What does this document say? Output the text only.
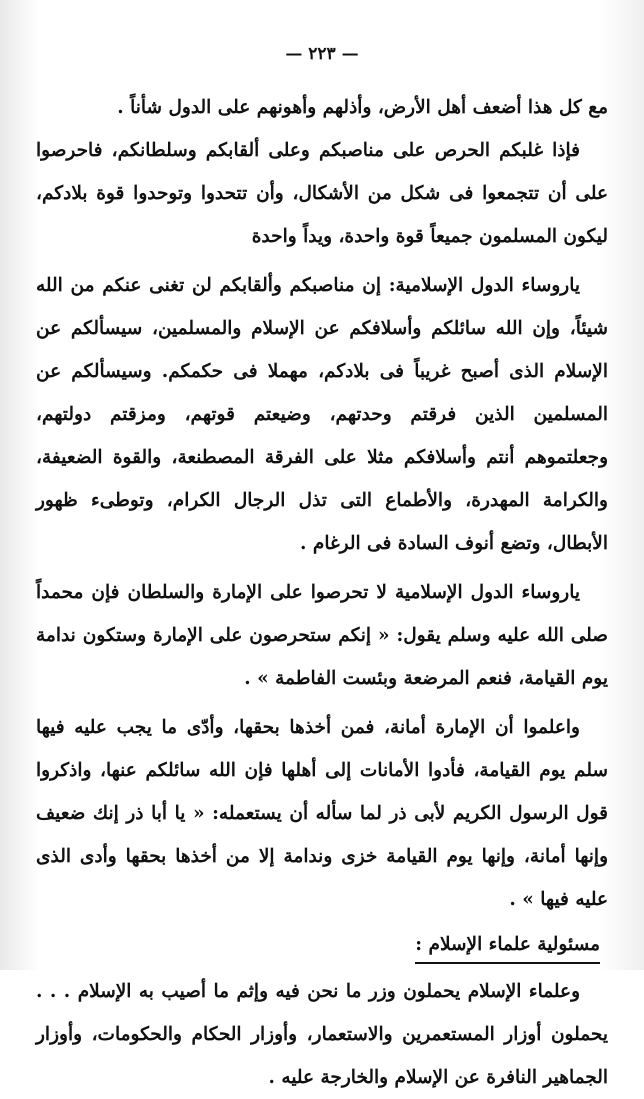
— ٢٢٣ —

مع كل هذا أضعف أهل الأرض، وأذلهم وأهونهم على الدول شأناً .

فإذا غلبكم الحرص على مناصبكم وعلى ألقابكم وسلطانكم، فاحرصوا على أن تتجمعوا فى شكل من الأشكال، وأن تتحدوا وتوحدوا قوة بلادكم، ليكون المسلمون جميعاً قوة واحدة، ويداً واحدة

ياروساء الدول الإسلامية: إن مناصبكم وألقابكم لن تغنى عنكم من الله شيئاً، وإن الله سائلكم وأسلافكم عن الإسلام والمسلمين، سيسألكم عن الإسلام الذى أصبح غريباً فى بلادكم، مهملا فى حكمكم. وسيسألكم عن المسلمين الذين فرقتم وحدتهم، وضيعتم قوتهم، ومزقتم دولتهم، وجعلتموهم أنتم وأسلافكم مثلا على الفرقة المصطنعة، والقوة الضعيفة، والكرامة المهدرة، والأطماع التى تذل الرجال الكرام، وتوطىء ظهور الأبطال، وتضع أنوف السادة فى الرغام .

ياروساء الدول الإسلامية لا تحرصوا على الإمارة والسلطان فإن محمداً صلى الله عليه وسلم يقول: « إنكم ستحرصون على الإمارة وستكون ندامة يوم القيامة، فنعم المرضعة وبئست الفاطمة » .

واعلموا أن الإمارة أمانة، فمن أخذها بحقها، وأدّى ما يجب عليه فيها سلم يوم القيامة، فأدوا الأمانات إلى أهلها فإن الله سائلكم عنها، واذكروا قول الرسول الكريم لأبى ذر لما سأله أن يستعمله: « يا أبا ذر إنك ضعيف وإنها أمانة، وإنها يوم القيامة خزى وندامة إلا من أخذها بحقها وأدى الذى عليه فيها » .

مسئولية علماء الإسلام :

وعلماء الإسلام يحملون وزر ما نحن فيه وإثم ما أصيب به الإسلام . . . يحملون أوزار المستعمرين والاستعمار، وأوزار الحكام والحكومات، وأوزار الجماهير النافرة عن الإسلام والخارجة عليه .
